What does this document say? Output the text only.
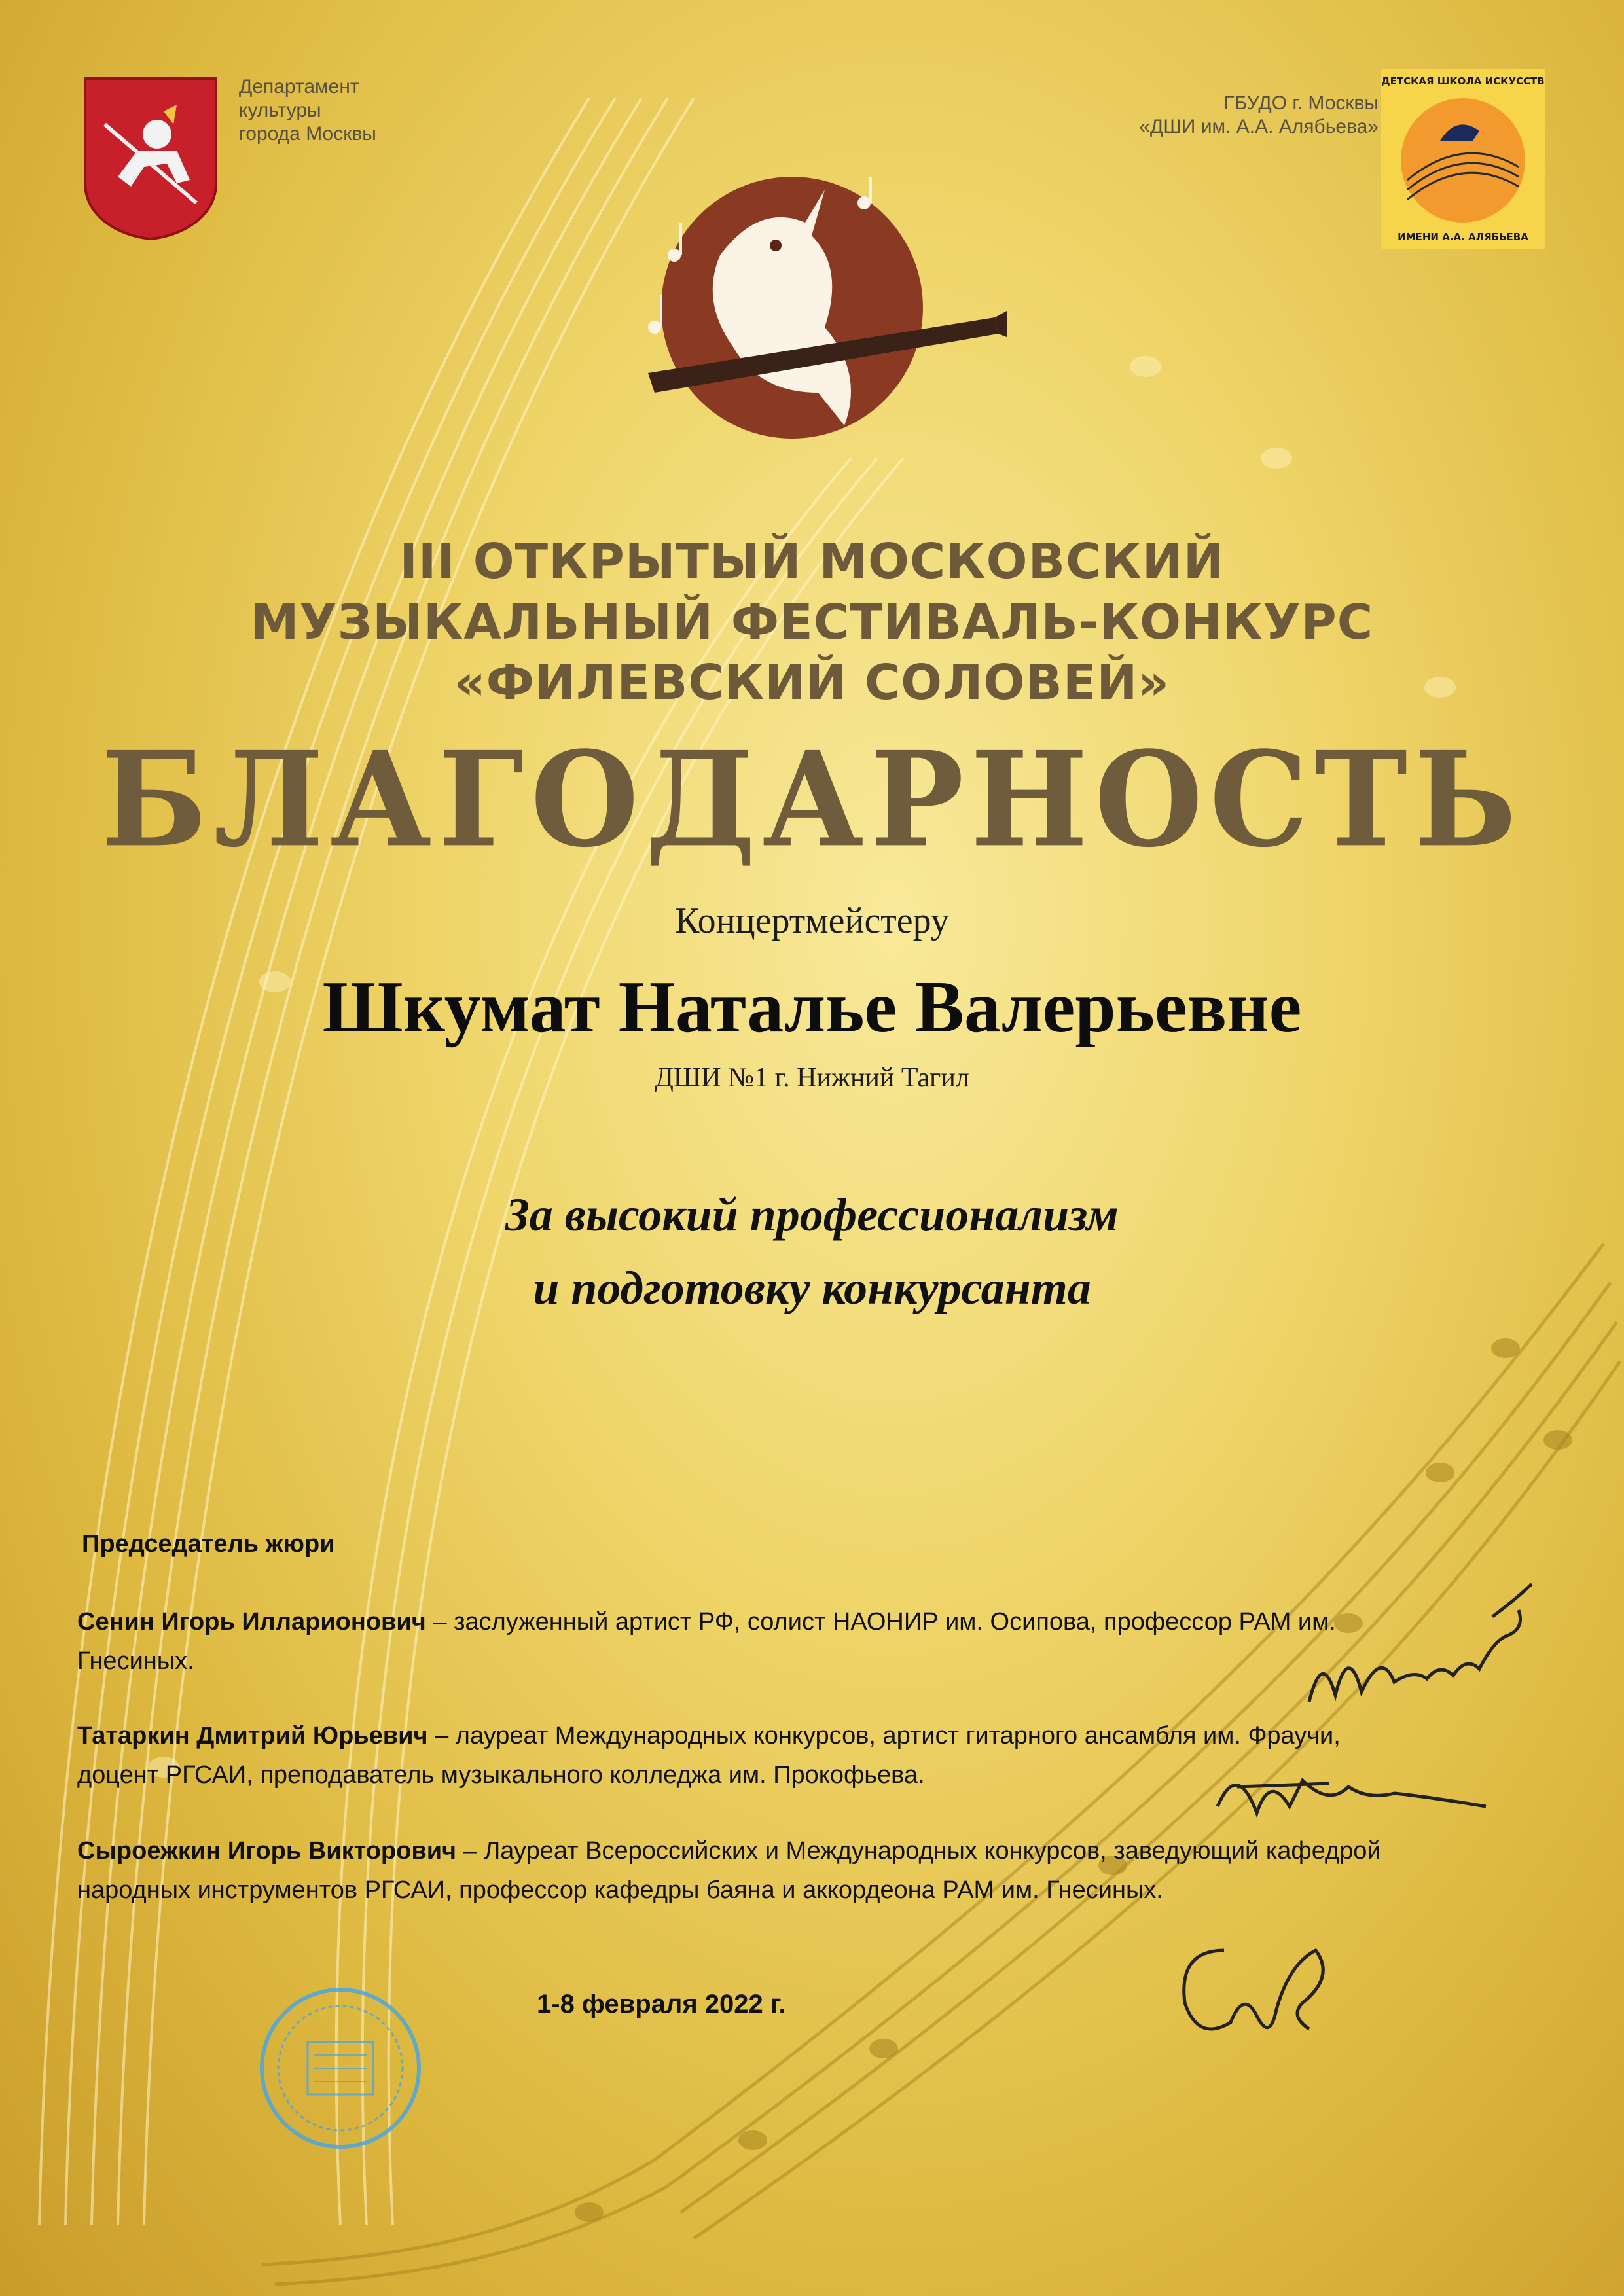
Департамент
культуры
города Москвы
ГБУДО г. Москвы
«ДШИ им. А.А. Алябьева»
ДЕТСКАЯ ШКОЛА ИСКУССТВ
ИМЕНИ А.А. АЛЯБЬЕВА
III ОТКРЫТЫЙ МОСКОВСКИЙ
МУЗЫКАЛЬНЫЙ ФЕСТИВАЛЬ-КОНКУРС
«ФИЛЕВСКИЙ СОЛОВЕЙ»
БЛАГОДАРНОСТЬ
Концертмейстеру
Шкумат Наталье Валерьевне
ДШИ №1 г. Нижний Тагил
За высокий профессионализм
и подготовку конкурсанта
Председатель жюри
Сенин Игорь Илларионович – заслуженный артист РФ, солист НАОНИР им. Осипова, профессор РАМ им. Гнесиных.
Татаркин Дмитрий Юрьевич – лауреат Международных конкурсов, артист гитарного ансамбля им. Фраучи, доцент РГСАИ, преподаватель музыкального колледжа им. Прокофьева.
Сыроежкин Игорь Викторович – Лауреат Всероссийских и Международных конкурсов, заведующий кафедрой народных инструментов РГСАИ, профессор кафедры баяна и аккордеона РАМ им. Гнесиных.
1-8 февраля 2022 г.
